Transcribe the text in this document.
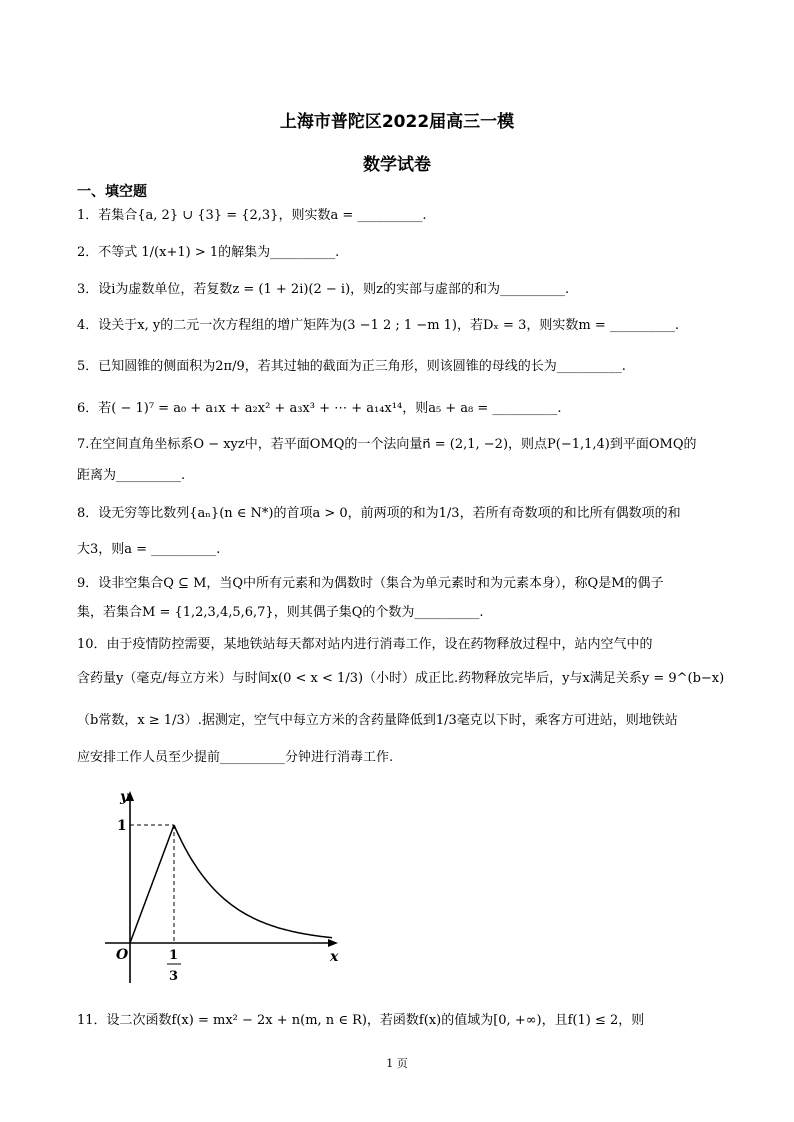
上海市普陀区2022届高三一模
数学试卷
一、填空题
1．若集合{a, 2} ∪ {3} = {2,3}，则实数a = __________.
2．不等式 1/(x+1) > 1的解集为__________.
3．设i为虚数单位，若复数z = (1 + 2i)(2 − i)，则z的实部与虚部的和为__________.
4．设关于x, y的二元一次方程组的增广矩阵为(3 −1 2 ; 1 −m 1)，若Dₓ = 3，则实数m = __________.
5．已知圆锥的侧面积为2π/9，若其过轴的截面为正三角形，则该圆锥的母线的长为__________.
6．若( − 1)⁷ = a₀ + a₁x + a₂x² + a₃x³ + ⋯ + a₁₄x¹⁴，则a₅ + a₈ = __________.
7.在空间直角坐标系O − xyz中，若平面OMQ的一个法向量n⃗ = (2,1, −2)，则点P(−1,1,4)到平面OMQ的
距离为__________.
8．设无穷等比数列{aₙ}(n ∈ N*)的首项a > 0，前两项的和为1/3，若所有奇数项的和比所有偶数项的和
大3，则a = __________.
9．设非空集合Q ⊆ M，当Q中所有元素和为偶数时（集合为单元素时和为元素本身），称Q是M的偶子
集，若集合M = {1,2,3,4,5,6,7}，则其偶子集Q的个数为__________.
10．由于疫情防控需要，某地铁站每天都对站内进行消毒工作，设在药物释放过程中，站内空气中的
含药量y（毫克/每立方米）与时间x(0 < x < 1/3)（小时）成正比.药物释放完毕后，y与x满足关系y = 9^(b−x)
（b常数，x ≥ 1/3）.据测定，空气中每立方米的含药量降低到1/3毫克以下时，乘客方可进站，则地铁站
应安排工作人员至少提前__________分钟进行消毒工作.
y
x
O
1
1
3
11．设二次函数f(x) = mx² − 2x + n(m, n ∈ R)，若函数f(x)的值域为[0, +∞)，且f(1) ≤ 2，则
1 页
